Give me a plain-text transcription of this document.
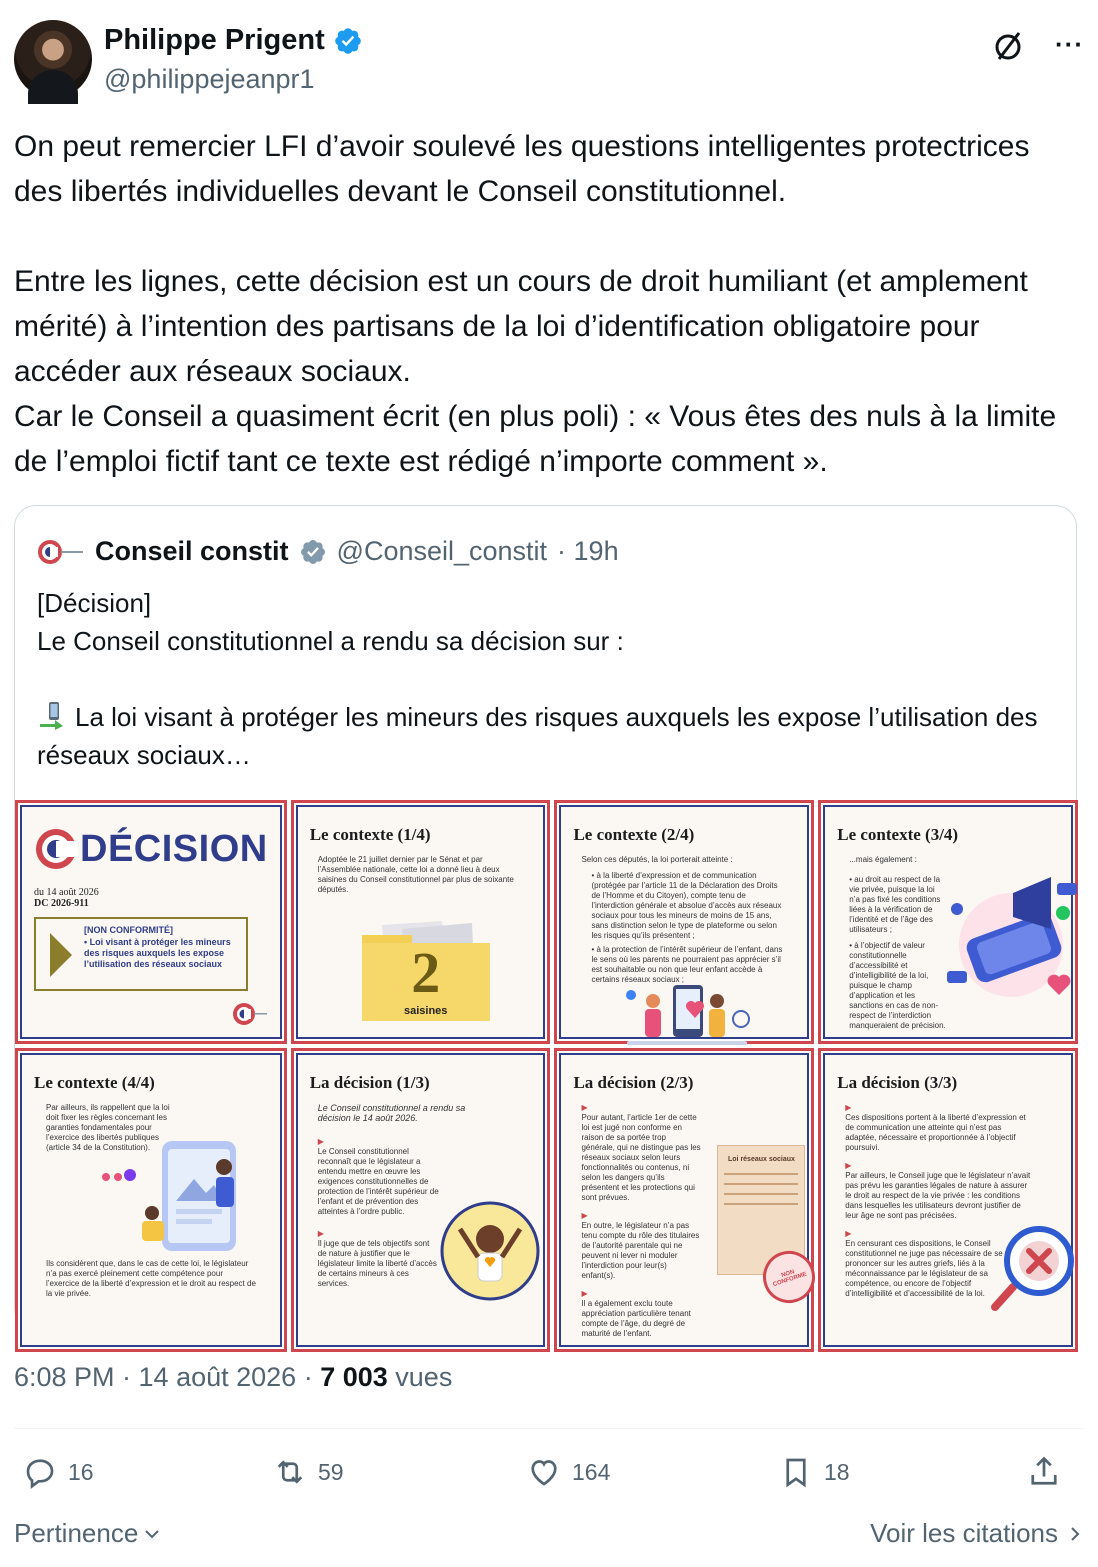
Philippe Prigent
@philippejeanpr1
···

On peut remercier LFI d’avoir soulevé les questions intelligentes protectrices des libertés individuelles devant le Conseil constitutionnel.

Entre les lignes, cette décision est un cours de droit humiliant (et amplement mérité) à l’intention des partisans de la loi d’identification obligatoire pour accéder aux réseaux sociaux.
Car le Conseil a quasiment écrit (en plus poli) : « Vous êtes des nuls à la limite de l’emploi fictif tant ce texte est rédigé n’importe comment ».

Conseil constit @Conseil_constit · 19h

[Décision]

Le Conseil constitutionnel a rendu sa décision sur :

La loi visant à protéger les mineurs des risques auxquels les expose l’utilisation des réseaux sociaux…

DÉCISION
du 14 août 2026
DC 2026-911
[NON CONFORMITÉ]
• Loi visant à protéger les mineurs des risques auxquels les expose l’utilisation des réseaux sociaux
Le contexte (1/4)
Adoptée le 21 juillet dernier par le Sénat et par l’Assemblée nationale, cette loi a donné lieu à deux saisines du Conseil constitutionnel par plus de soixante députés.
2
saisines
Le contexte (2/4)
Selon ces députés, la loi porterait atteinte :
• à la liberté d’expression et de communication (protégée par l’article 11 de la Déclaration des Droits de l’Homme et du Citoyen), compte tenu de l’interdiction générale et absolue d’accès aux réseaux sociaux pour tous les mineurs de moins de 15 ans, sans distinction selon le type de plateforme ou selon les risques qu’ils présentent ;
• à la protection de l’intérêt supérieur de l’enfant, dans le sens où les parents ne pourraient pas apprécier s’il est souhaitable ou non que leur enfant accède à certains réseaux sociaux ;
Le contexte (3/4)
...mais également :
• au droit au respect de la vie privée, puisque la loi n’a pas fixé les conditions liées à la vérification de l’identité et de l’âge des utilisateurs ;
• à l’objectif de valeur constitutionnelle d’accessibilité et d’intelligibilité de la loi, puisque le champ d’application et les sanctions en cas de non-respect de l’interdiction manqueraient de précision.
Le contexte (4/4)
Par ailleurs, ils rappellent que la loi doit fixer les règles concernant les garanties fondamentales pour l’exercice des libertés publiques (article 34 de la Constitution).
Ils considèrent que, dans le cas de cette loi, le législateur n’a pas exercé pleinement cette compétence pour l’exercice de la liberté d’expression et le droit au respect de la vie privée.
La décision (1/3)
Le Conseil constitutionnel a rendu sa décision le 14 août 2026.
▶
Le Conseil constitutionnel reconnaît que le législateur a entendu mettre en œuvre les exigences constitutionnelles de protection de l’intérêt supérieur de l’enfant et de prévention des atteintes à l’ordre public.
▶
Il juge que de tels objectifs sont de nature à justifier que le législateur limite la liberté d’accès de certains mineurs à ces services.
La décision (2/3)
▶
Pour autant, l’article 1er de cette loi est jugé non conforme en raison de sa portée trop générale, qui ne distingue pas les réseaux sociaux selon leurs fonctionnalités ou contenus, ni selon les dangers qu’ils présentent et les protections qui sont prévues.
▶
En outre, le législateur n’a pas tenu compte du rôle des titulaires de l’autorité parentale qui ne peuvent ni lever ni moduler l’interdiction pour leur(s) enfant(s).
▶
Il a également exclu toute appréciation particulière tenant compte de l’âge, du degré de maturité de l’enfant.
Loi réseaux sociaux
NON CONFORME
La décision (3/3)
▶
Ces dispositions portent à la liberté d’expression et de communication une atteinte qui n’est pas adaptée, nécessaire et proportionnée à l’objectif poursuivi.
▶
Par ailleurs, le Conseil juge que le législateur n’avait pas prévu les garanties légales de nature à assurer le droit au respect de la vie privée : les conditions dans lesquelles les utilisateurs devront justifier de leur âge ne sont pas précisées.
▶
En censurant ces dispositions, le Conseil constitutionnel ne juge pas nécessaire de se prononcer sur les autres griefs, liés à la méconnaissance par le législateur de sa compétence, ou encore de l’objectif d’intelligibilité et d’accessibilité de la loi.
6:08 PM · 14 août 2026 · 7 003 vues
16	59	164	18
Pertinence	Voir les citations
